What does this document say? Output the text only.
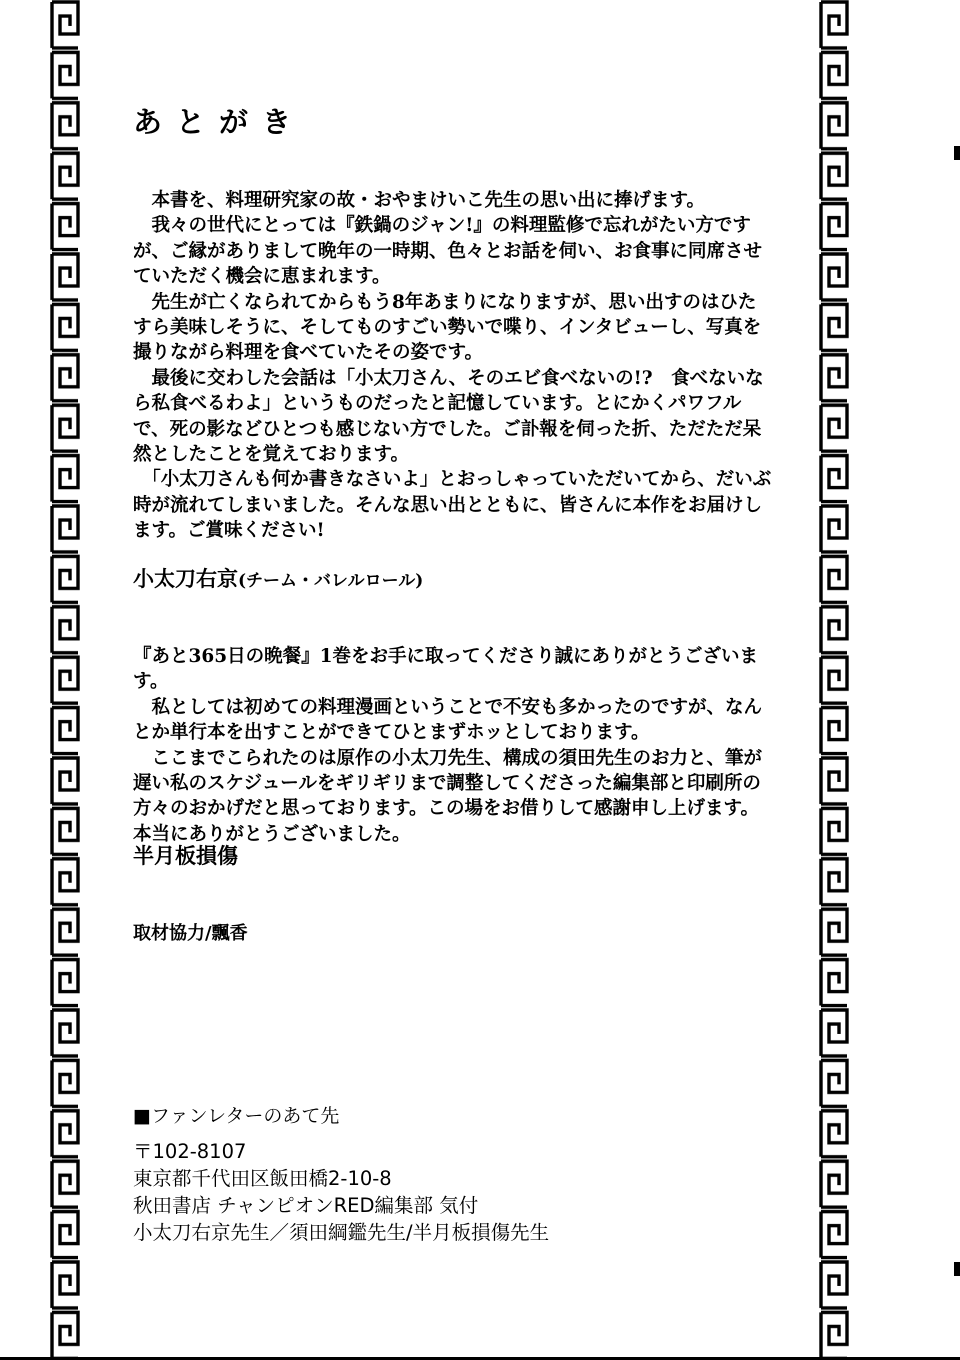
あとがき

　本書を、料理研究家の故・おやまけいこ先生の思い出に捧げます。
　我々の世代にとっては『鉄鍋のジャン!』の料理監修で忘れがたい方ですが、ご縁がありまして晩年の一時期、色々とお話を伺い、お食事に同席させていただく機会に恵まれます。
　先生が亡くなられてからもう8年あまりになりますが、思い出すのはひたすら美味しそうに、そしてものすごい勢いで喋り、インタビューし、写真を撮りながら料理を食べていたその姿です。
　最後に交わした会話は「小太刀さん、そのエビ食べないの!?　食べないなら私食べるわよ」というものだったと記憶しています。とにかくパワフルで、死の影などひとつも感じない方でした。ご訃報を伺った折、ただただ呆然としたことを覚えております。
　「小太刀さんも何か書きなさいよ」とおっしゃっていただいてから、だいぶ時が流れてしまいました。そんな思い出とともに、皆さんに本作をお届けします。ご賞味ください!

小太刀右京(チーム・バレルロール)

『あと365日の晩餐』1巻をお手に取ってくださり誠にありがとうございます。
　私としては初めての料理漫画ということで不安も多かったのですが、なんとか単行本を出すことができてひとまずホッとしております。
　ここまでこられたのは原作の小太刀先生、構成の須田先生のお力と、筆が遅い私のスケジュールをギリギリまで調整してくださった編集部と印刷所の方々のおかげだと思っております。この場をお借りして感謝申し上げます。本当にありがとうございました。

半月板損傷
取材協力/飄香
■ファンレターのあて先
〒102-8107
東京都千代田区飯田橋2-10-8
秋田書店 チャンピオンRED編集部 気付
小太刀右京先生／須田綱鑑先生/半月板損傷先生
